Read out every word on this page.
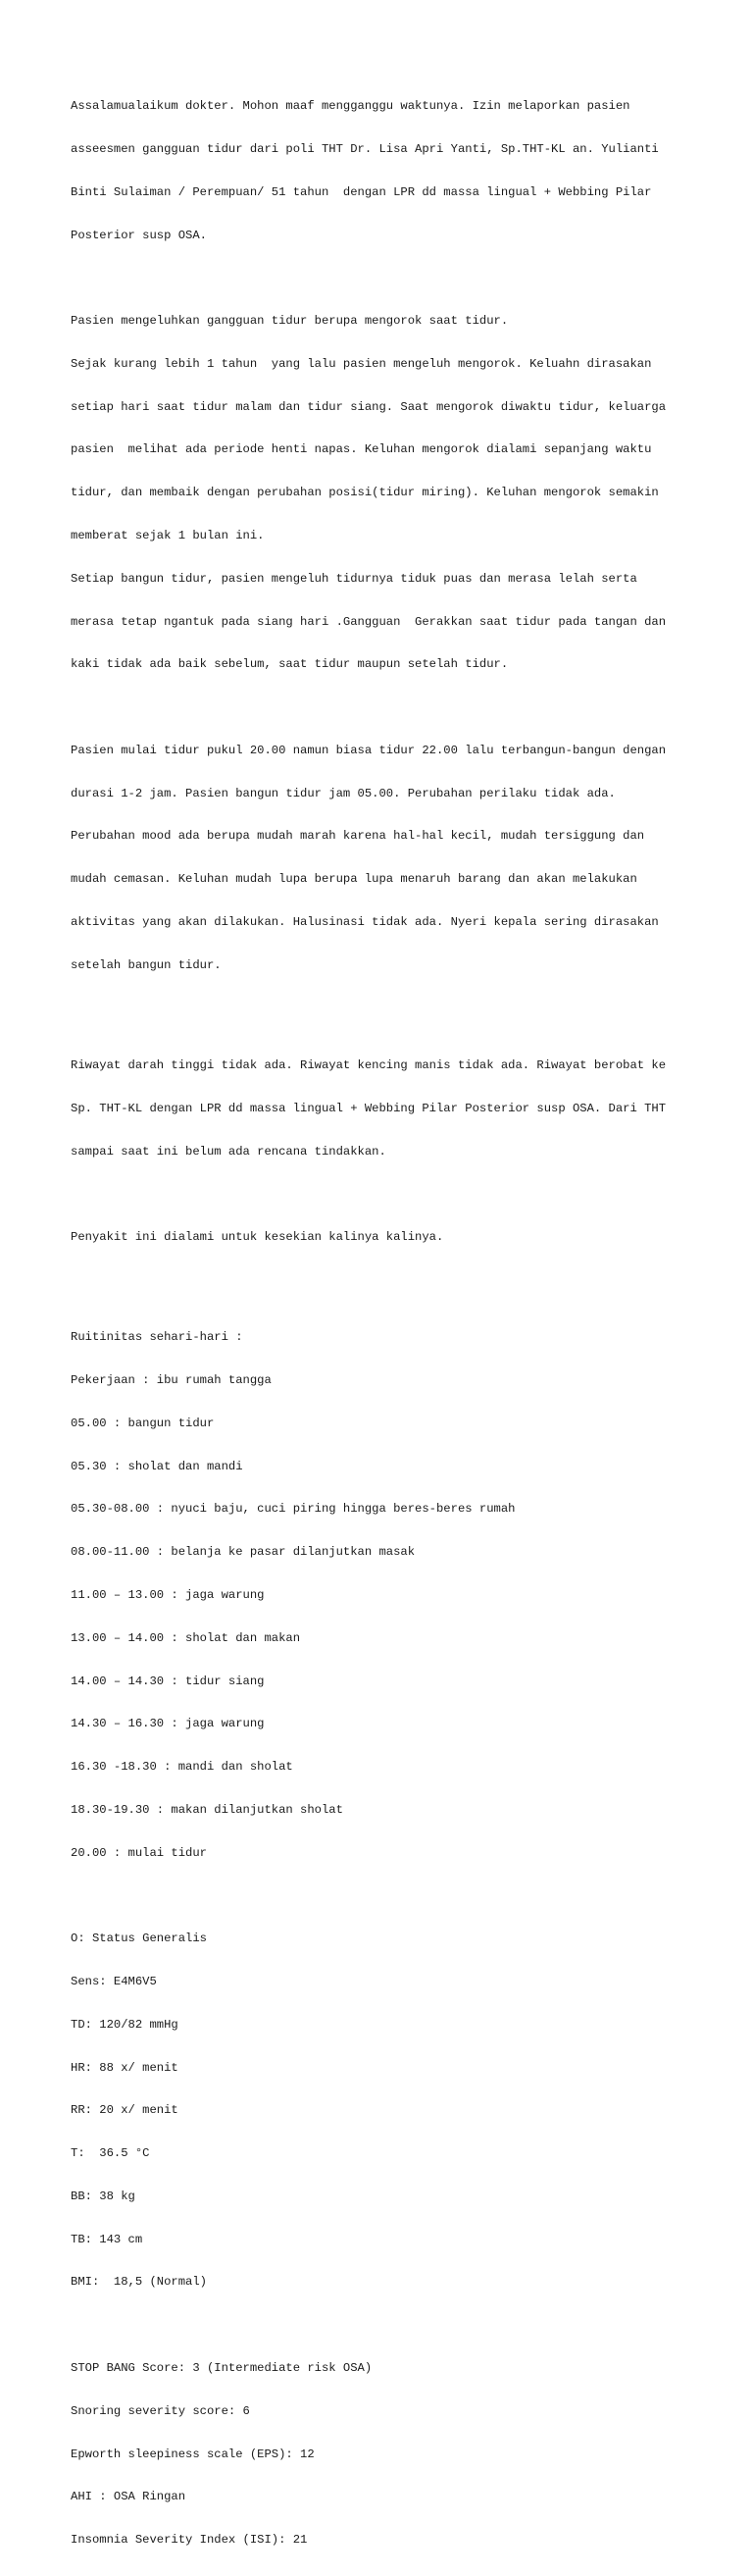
Assalamualaikum dokter. Mohon maaf mengganggu waktunya. Izin melaporkan pasien

asseesmen gangguan tidur dari poli THT Dr. Lisa Apri Yanti, Sp.THT-KL an. Yulianti

Binti Sulaiman / Perempuan/ 51 tahun  dengan LPR dd massa lingual + Webbing Pilar

Posterior susp OSA.

Pasien mengeluhkan gangguan tidur berupa mengorok saat tidur.

Sejak kurang lebih 1 tahun  yang lalu pasien mengeluh mengorok. Keluahn dirasakan

setiap hari saat tidur malam dan tidur siang. Saat mengorok diwaktu tidur, keluarga

pasien  melihat ada periode henti napas. Keluhan mengorok dialami sepanjang waktu

tidur, dan membaik dengan perubahan posisi(tidur miring). Keluhan mengorok semakin

memberat sejak 1 bulan ini.

Setiap bangun tidur, pasien mengeluh tidurnya tiduk puas dan merasa lelah serta

merasa tetap ngantuk pada siang hari .Gangguan  Gerakkan saat tidur pada tangan dan

kaki tidak ada baik sebelum, saat tidur maupun setelah tidur.

Pasien mulai tidur pukul 20.00 namun biasa tidur 22.00 lalu terbangun-bangun dengan

durasi 1-2 jam. Pasien bangun tidur jam 05.00. Perubahan perilaku tidak ada.

Perubahan mood ada berupa mudah marah karena hal-hal kecil, mudah tersiggung dan

mudah cemasan. Keluhan mudah lupa berupa lupa menaruh barang dan akan melakukan

aktivitas yang akan dilakukan. Halusinasi tidak ada. Nyeri kepala sering dirasakan

setelah bangun tidur.

Riwayat darah tinggi tidak ada. Riwayat kencing manis tidak ada. Riwayat berobat ke

Sp. THT-KL dengan LPR dd massa lingual + Webbing Pilar Posterior susp OSA. Dari THT

sampai saat ini belum ada rencana tindakkan.

Penyakit ini dialami untuk kesekian kalinya kalinya.

Ruitinitas sehari-hari :

Pekerjaan : ibu rumah tangga

05.00 : bangun tidur

05.30 : sholat dan mandi

05.30-08.00 : nyuci baju, cuci piring hingga beres-beres rumah

08.00-11.00 : belanja ke pasar dilanjutkan masak

11.00 – 13.00 : jaga warung

13.00 – 14.00 : sholat dan makan

14.00 – 14.30 : tidur siang

14.30 – 16.30 : jaga warung

16.30 -18.30 : mandi dan sholat

18.30-19.30 : makan dilanjutkan sholat

20.00 : mulai tidur

O: Status Generalis

Sens: E4M6V5

TD: 120/82 mmHg

HR: 88 x/ menit

RR: 20 x/ menit

T:  36.5 °C

BB: 38 kg

TB: 143 cm

BMI:  18,5 (Normal)

STOP BANG Score: 3 (Intermediate risk OSA)

Snoring severity score: 6

Epworth sleepiness scale (EPS): 12

AHI : OSA Ringan

Insomnia Severity Index (ISI): 21
